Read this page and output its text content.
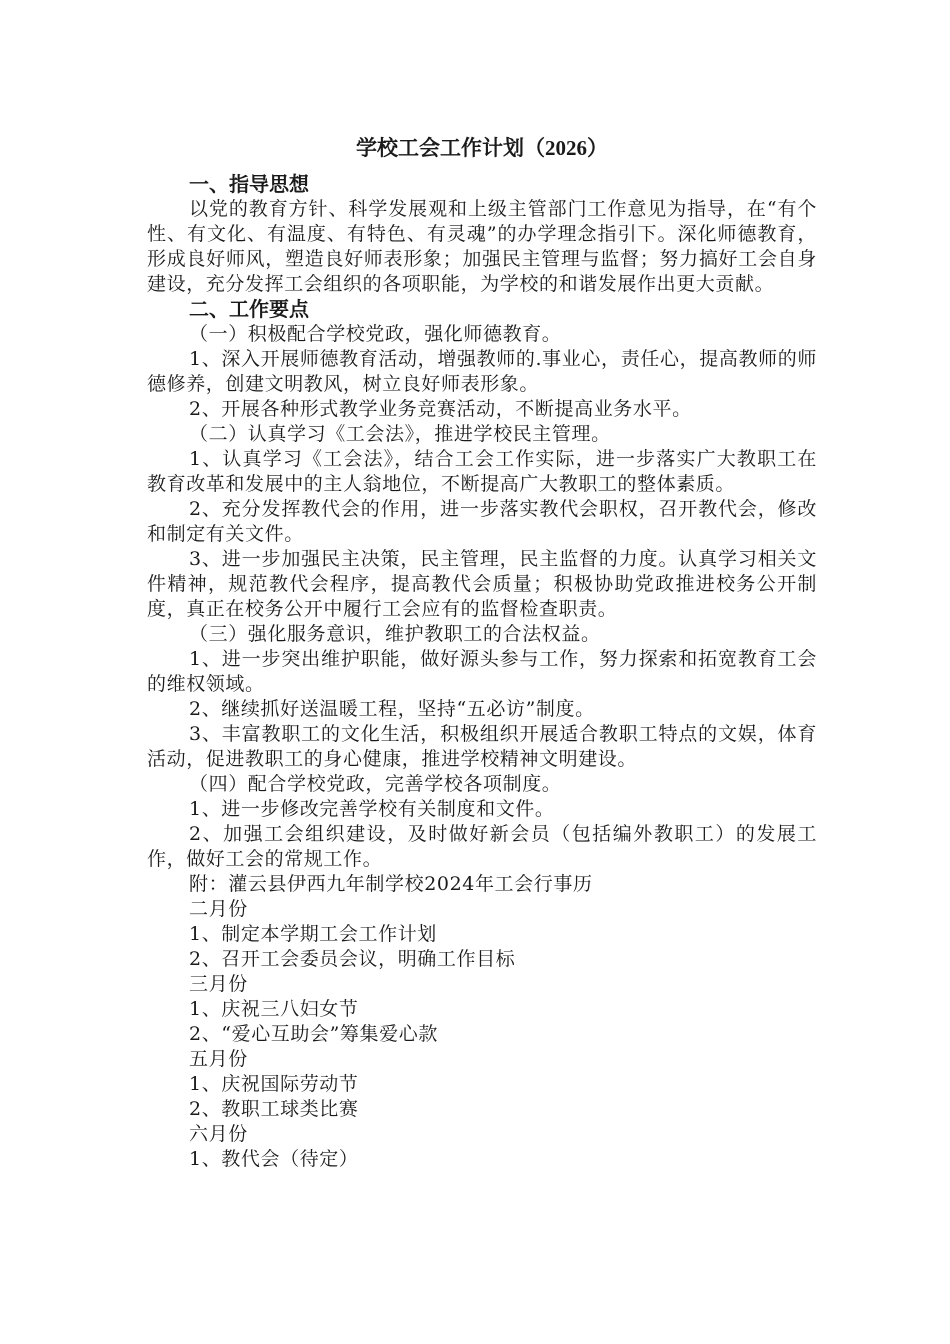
学校工会工作计划（2026）
一、指导思想
以党的教育方针、科学发展观和上级主管部门工作意见为指导，在“有个性、有文化、有温度、有特色、有灵魂”的办学理念指引下。深化师德教育，形成良好师风，塑造良好师表形象；加强民主管理与监督；努力搞好工会自身建设，充分发挥工会组织的各项职能，为学校的和谐发展作出更大贡献。
二、工作要点
（一）积极配合学校党政，强化师德教育。
1、深入开展师德教育活动，增强教师的.事业心，责任心，提高教师的师德修养，创建文明教风，树立良好师表形象。
2、开展各种形式教学业务竞赛活动，不断提高业务水平。
（二）认真学习《工会法》，推进学校民主管理。
1、认真学习《工会法》，结合工会工作实际，进一步落实广大教职工在教育改革和发展中的主人翁地位，不断提高广大教职工的整体素质。
2、充分发挥教代会的作用，进一步落实教代会职权，召开教代会，修改和制定有关文件。
3、进一步加强民主决策，民主管理，民主监督的力度。认真学习相关文件精神，规范教代会程序，提高教代会质量；积极协助党政推进校务公开制度，真正在校务公开中履行工会应有的监督检查职责。
（三）强化服务意识，维护教职工的合法权益。
1、进一步突出维护职能，做好源头参与工作，努力探索和拓宽教育工会的维权领域。
2、继续抓好送温暖工程，坚持“五必访”制度。
3、丰富教职工的文化生活，积极组织开展适合教职工特点的文娱，体育活动，促进教职工的身心健康，推进学校精神文明建设。
（四）配合学校党政，完善学校各项制度。
1、进一步修改完善学校有关制度和文件。
2、加强工会组织建设，及时做好新会员（包括编外教职工）的发展工作，做好工会的常规工作。
附：灌云县伊西九年制学校2024年工会行事历
二月份
1、制定本学期工会工作计划
2、召开工会委员会议，明确工作目标
三月份
1、庆祝三八妇女节
2、“爱心互助会”筹集爱心款
五月份
1、庆祝国际劳动节
2、教职工球类比赛
六月份
1、教代会（待定）
